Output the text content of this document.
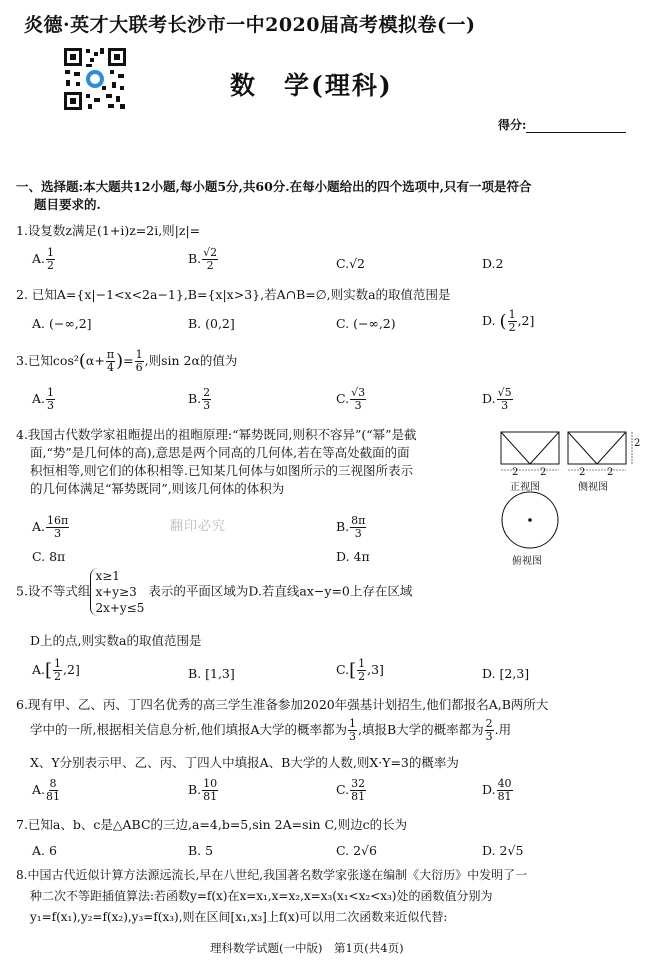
炎德·英才大联考长沙市一中2020届高考模拟卷(一)
数　学(理科)
得分:
一、选择题:本大题共12小题,每小题5分,共60分.在每小题给出的四个选项中,只有一项是符合
题目要求的.
1.设复数z满足(1+i)z=2i,则|z|=
A. $\frac{1}{2}$	B. $\frac{√2}{2}$	C.√2	D.2
2. 已知A={x|−1<x<2a−1},B={x|x>3},若A∩B=∅,则实数a的取值范围是
A. (−∞,2]	B. (0,2]	C. (−∞,2)	D. ( $\frac{1}{2} ,2$]
3.已知$\cos^2(\alpha+ \frac{\pi}{4}$ )= $\frac{1}{6}$ ,则sin 2α的值为
A. $\frac{1}{3}$	B. $\frac{2}{3}$	C. $\frac{√3}{3}$	D. $\frac{√5}{3}$
4.我国古代数学家祖暅提出的祖暅原理:“幂势既同,则积不容异”(“幂”是截
面,“势”是几何体的高),意思是两个同高的几何体,若在等高处截面的面
积恒相等,则它们的体积相等.已知某几何体与如图所示的三视图所表示
的几何体满足“幂势既同”,则该几何体的体积为
2 2	2 2
2
正视图	侧视图
俯视图
A. $\frac{16\pi}{3}$	翻印必究	B. $\frac{8\pi}{3}$
C. 8π	D. 4π
5.设不等式组
x≥1
x+y≥3
2x+y≤5
表示的平面区域为D.若直线ax−y=0上存在区域
D上的点,则实数a的取值范围是
$A.[ \frac{1}{2} ,2]$	B. [1,3]	$C.[ \frac{1}{2} ,3]$	D. [2,3]
6.现有甲、乙、丙、丁四名优秀的高三学生准备参加2020年强基计划招生,他们都报名A,B两所大
学中的一所,根据相关信息分析,他们填报A大学的概率都为 $\frac{1}{3}$ ,填报B大学的概率都为 $\frac{2}{3}$ .用
X、Y分别表示甲、乙、丙、丁四人中填报A、B大学的人数,则X·Y=3的概率为
A. $\frac{8}{81}$	B. $\frac{10}{81}$	C. $\frac{32}{81}$	D. $\frac{40}{81}$
7.已知a、b、c是△ABC的三边,a=4,b=5,sin 2A=sin C,则边c的长为
A. 6	B. 5	C. 2√6	D. 2√5
8.中国古代近似计算方法源远流长,早在八世纪,我国著名数学家张遂在编制《大衍历》中发明了一
种二次不等距插值算法:若函数y=f(x)在x=x₁,x=x₂,x=x₃(x₁<x₂<x₃)处的函数值分别为
y₁=f(x₁),y₂=f(x₂),y₃=f(x₃),则在区间[x₁,x₃]上f(x)可以用二次函数来近似代替:
理科数学试题(一中版)　第1页(共4页)
